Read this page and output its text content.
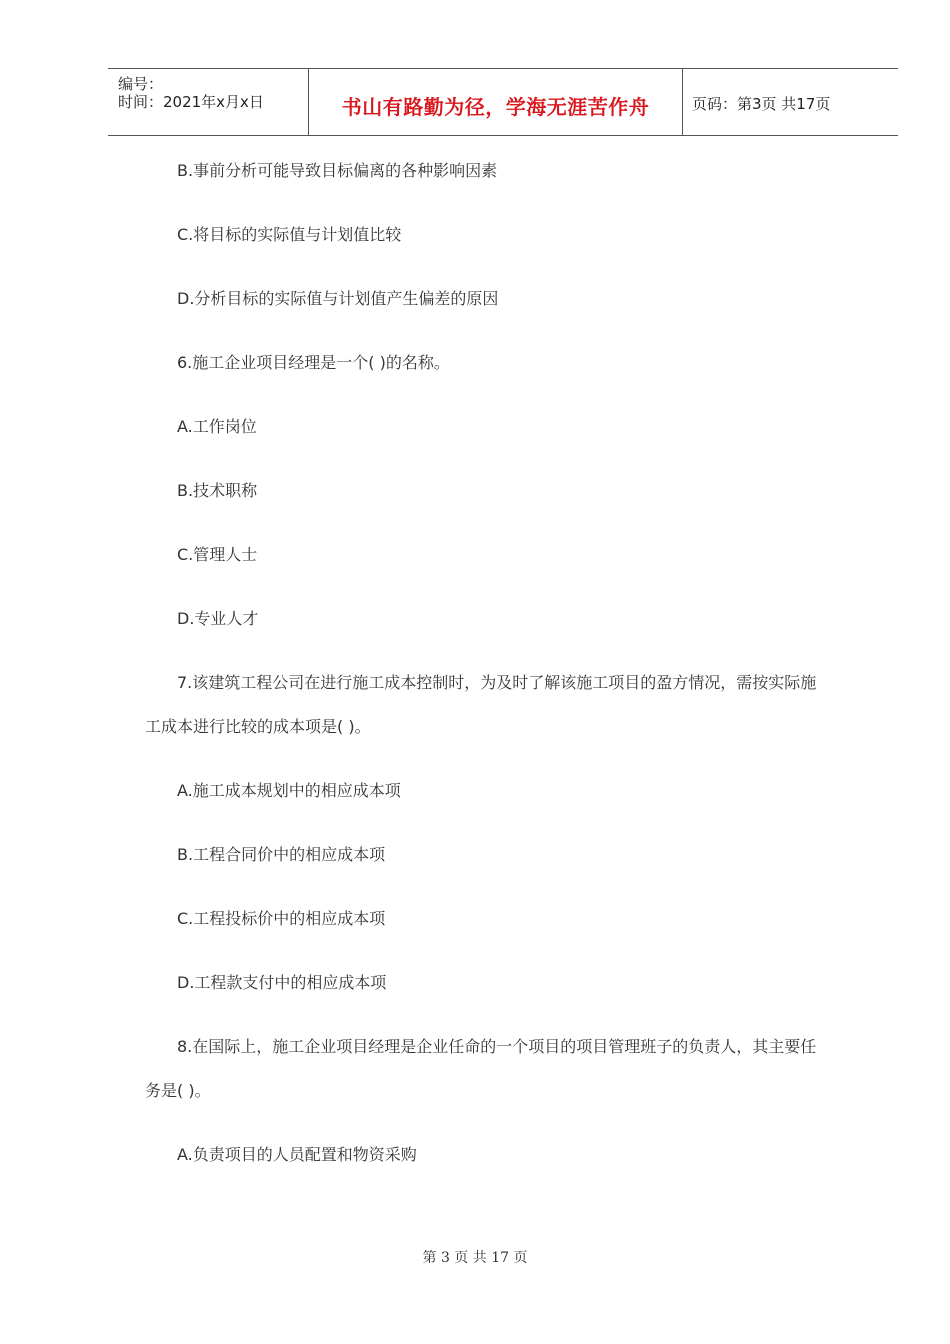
编号：
时间：2021年x月x日	书山有路勤为径，学海无涯苦作舟	页码：第3页 共17页
B.事前分析可能导致目标偏离的各种影响因素
C.将目标的实际值与计划值比较
D.分析目标的实际值与计划值产生偏差的原因
6.施工企业项目经理是一个( )的名称。
A.工作岗位
B.技术职称
C.管理人士
D.专业人才
7.该建筑工程公司在进行施工成本控制时，为及时了解该施工项目的盈方情况，需按实际施
工成本进行比较的成本项是( )。
A.施工成本规划中的相应成本项
B.工程合同价中的相应成本项
C.工程投标价中的相应成本项
D.工程款支付中的相应成本项
8.在国际上，施工企业项目经理是企业任命的一个项目的项目管理班子的负责人，其主要任
务是( )。
A.负责项目的人员配置和物资采购
第 3 页 共 17 页
